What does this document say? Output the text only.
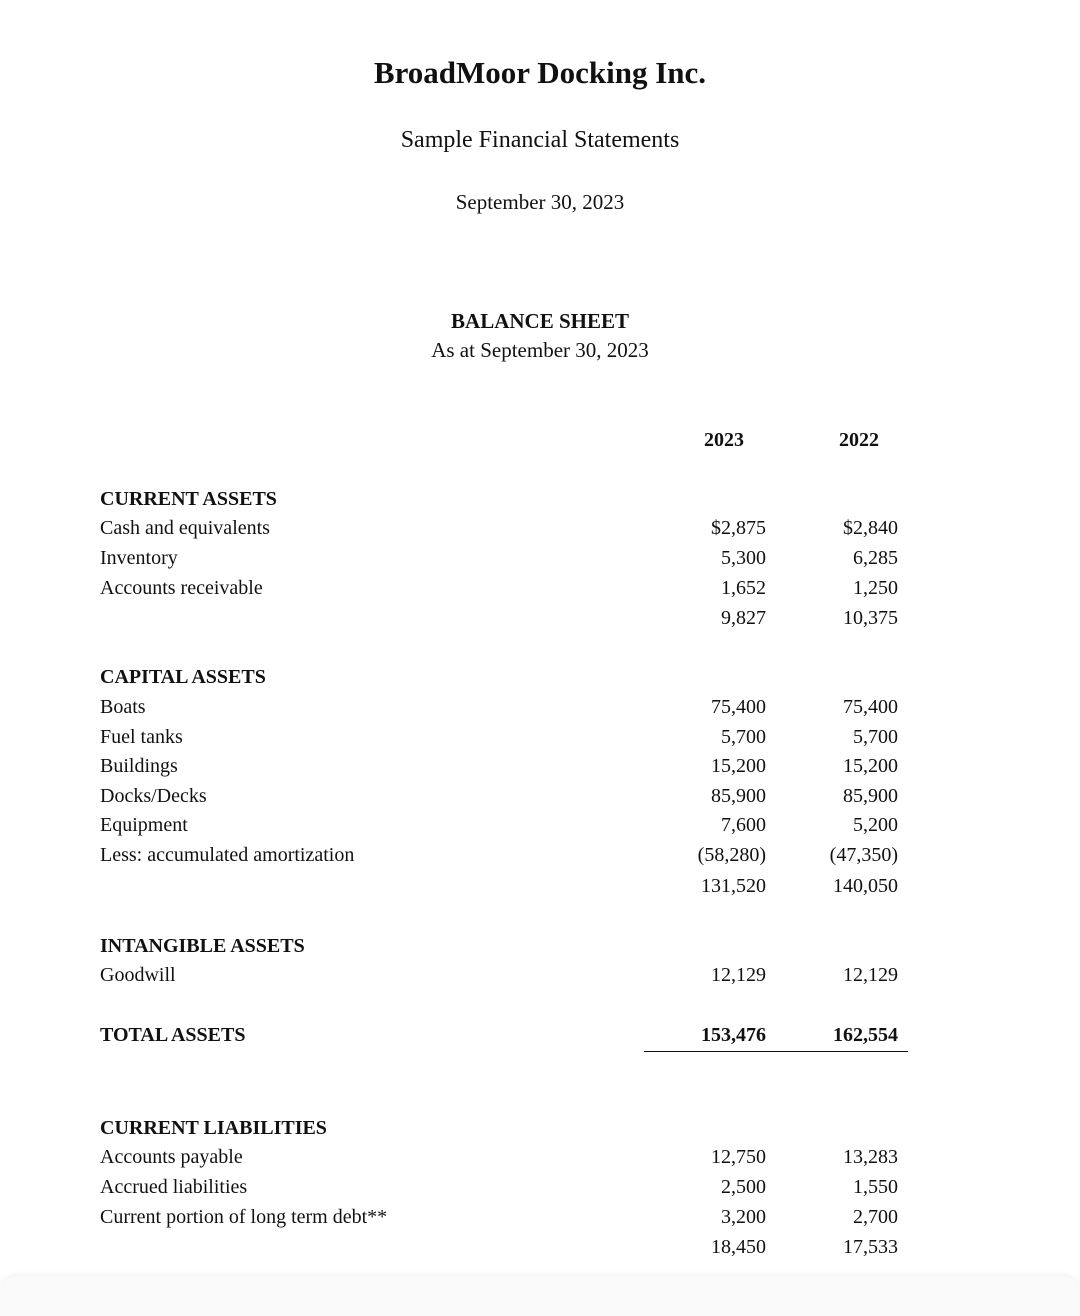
BroadMoor Docking Inc.
Sample Financial Statements
September 30, 2023
BALANCE SHEET
As at September 30, 2023
2023	2022
CURRENT ASSETS
Cash and equivalents	$2,875	$2,840
Inventory	5,300	6,285
Accounts receivable	1,652	1,250
9,827	10,375
CAPITAL ASSETS
Boats	75,400	75,400
Fuel tanks	5,700	5,700
Buildings	15,200	15,200
Docks/Decks	85,900	85,900
Equipment	7,600	5,200
Less: accumulated amortization	(58,280)	(47,350)
131,520	140,050
INTANGIBLE ASSETS
Goodwill	12,129	12,129
TOTAL ASSETS	153,476	162,554
CURRENT LIABILITIES
Accounts payable	12,750	13,283
Accrued liabilities	2,500	1,550
Current portion of long term debt**	3,200	2,700
18,450	17,533
